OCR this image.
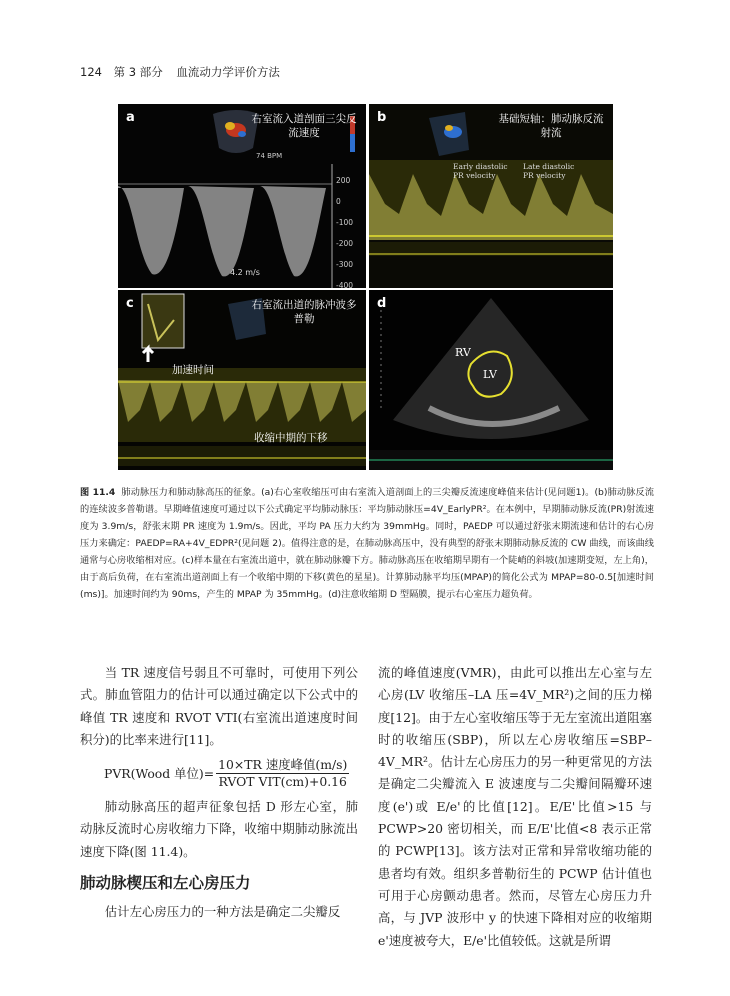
124 第 3 部分 血流动力学评价方法
a	右室流入道剖面三尖反流速度
74 BPM
4.2 m/s
200
0
-100
-200
-300
-400
b	基础短轴：肺动脉反流射流
Early diastolic PR velocity
Late diastolic PR velocity
c	右室流出道的脉冲波多普勒
加速时间
收缩中期的下移
d
RV
LV
图 11.4 肺动脉压力和肺动脉高压的征象。(a)右心室收缩压可由右室流入道剖面上的三尖瓣反流速度峰值来估计(见问题1)。(b)肺动脉反流的连续波多普勒谱。早期峰值速度可通过以下公式确定平均肺动脉压：平均肺动脉压=4V_EarlyPR²。在本例中，早期肺动脉反流(PR)射流速度为 3.9m/s，舒张末期 PR 速度为 1.9m/s。因此，平均 PA 压力大约为 39mmHg。同时，PAEDP 可以通过舒张末期流速和估计的右心房压力来确定：PAEDP=RA+4V_EDPR²(见问题 2)。值得注意的是，在肺动脉高压中，没有典型的舒张末期肺动脉反流的 CW 曲线，而该曲线通常与心房收缩相对应。(c)样本量在右室流出道中，就在肺动脉瓣下方。肺动脉高压在收缩期早期有一个陡峭的斜坡(加速期变短，左上角)，由于高后负荷，在右室流出道剖面上有一个收缩中期的下移(黄色的星星)。计算肺动脉平均压(MPAP)的简化公式为 MPAP=80-0.5[加速时间(ms)]。加速时间约为 90ms，产生的 MPAP 为 35mmHg。(d)注意收缩期 D 型隔膜，提示右心室压力超负荷。

当 TR 速度信号弱且不可靠时，可使用下列公式。肺血管阻力的估计可以通过确定以下公式中的峰值 TR 速度和 RVOT VTI(右室流出道速度时间积分)的比率来进行[11]。

PVR(Wood 单位)= $\frac{\text{10×TR 速度峰值(m/s)}}{\text{RVOT VIT(cm)+0.16}}$

肺动脉高压的超声征象包括 D 形左心室，肺动脉反流时心房收缩力下降，收缩中期肺动脉流出速度下降(图 11.4)。

肺动脉楔压和左心房压力

估计左心房压力的一种方法是确定二尖瓣反

流的峰值速度(VMR)，由此可以推出左心室与左心房(LV 收缩压–LA 压=4V_MR²)之间的压力梯度[12]。由于左心室收缩压等于无左室流出道阻塞时的收缩压(SBP)，所以左心房收缩压=SBP–4V_MR²。估计左心房压力的另一种更常见的方法是确定二尖瓣流入 E 波速度与二尖瓣间隔瓣环速度(e')或 E/e'的比值[12]。E/E'比值>15 与PCWP>20 密切相关，而 E/E'比值<8 表示正常的 PCWP[13]。该方法对正常和异常收缩功能的患者均有效。组织多普勒衍生的 PCWP 估计值也可用于心房颤动患者。然而，尽管左心房压力升高，与 JVP 波形中 y 的快速下降相对应的收缩期 e'速度被夸大，E/e'比值较低。这就是所谓
